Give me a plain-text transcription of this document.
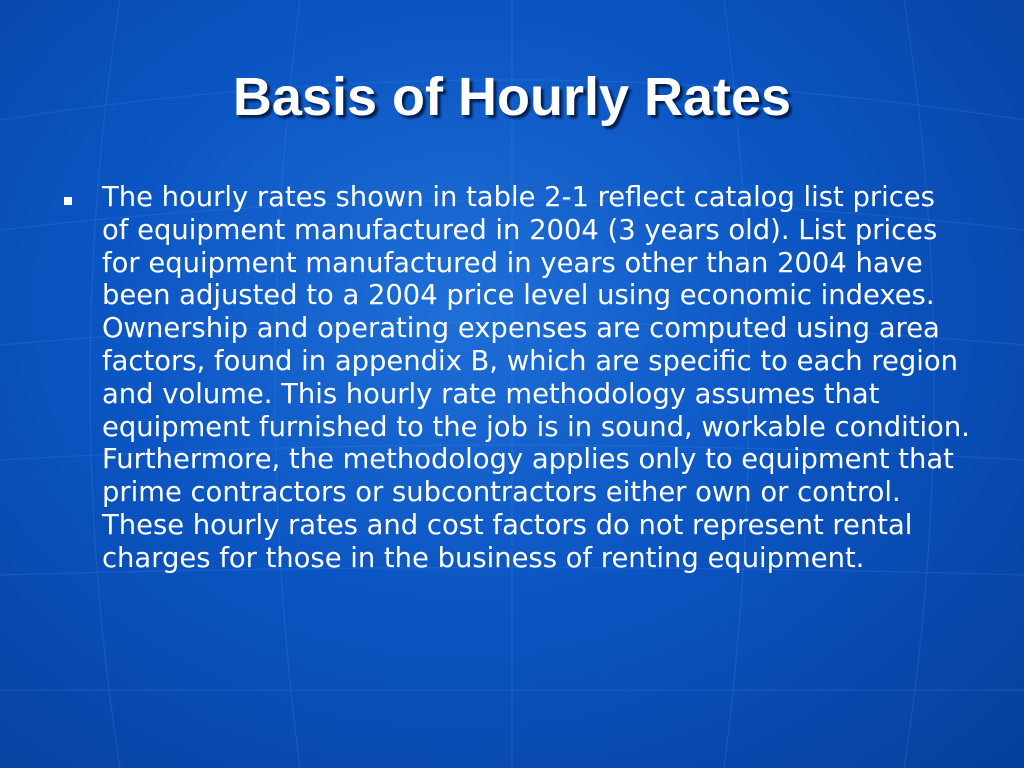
Basis of Hourly Rates

The hourly rates shown in table 2-1 reflect catalog list prices of equipment manufactured in 2004 (3 years old). List prices for equipment manufactured in years other than 2004 have been adjusted to a 2004 price level using economic indexes. Ownership and operating expenses are computed using area factors, found in appendix B, which are specific to each region and volume. This hourly rate methodology assumes that equipment furnished to the job is in sound, workable condition. Furthermore, the methodology applies only to equipment that prime contractors or subcontractors either own or control. These hourly rates and cost factors do not represent rental charges for those in the business of renting equipment.
